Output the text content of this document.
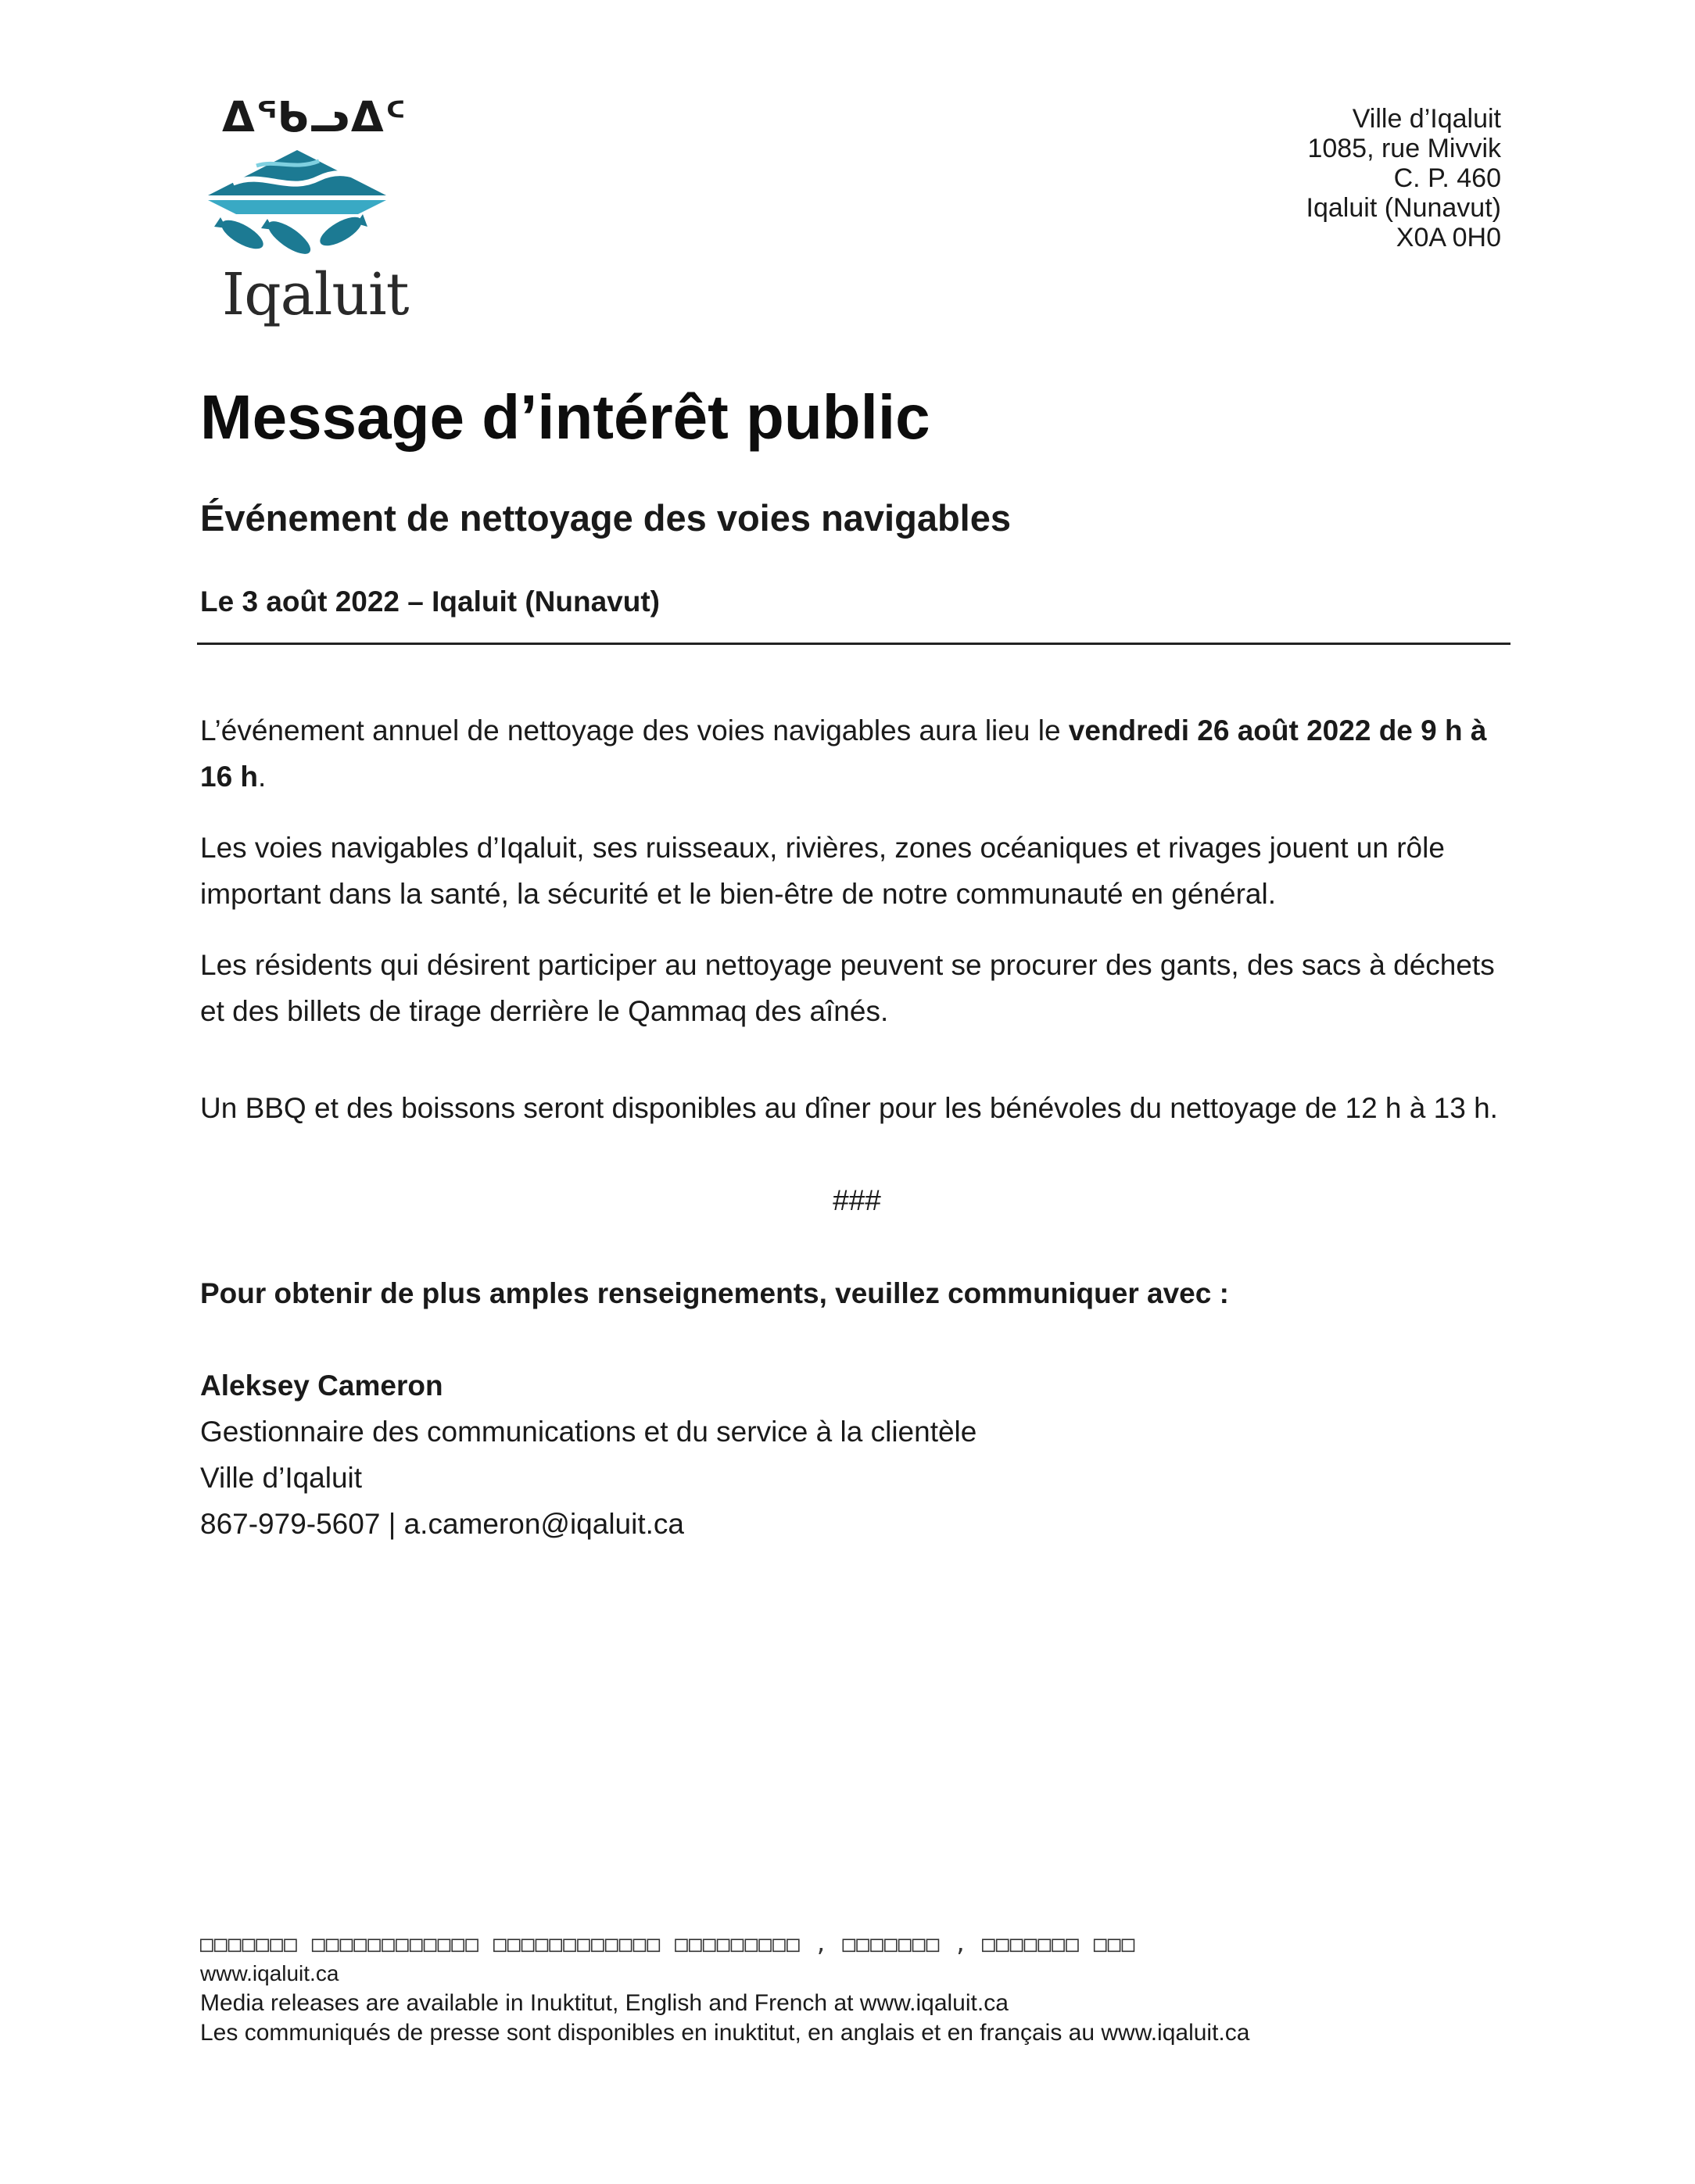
ᐃᖃᓗᐃᑦ
Iqaluit
Ville d’Iqaluit
1085, rue Mivvik
C. P. 460
Iqaluit (Nunavut)
X0A 0H0
Message d’intérêt public
Événement de nettoyage des voies navigables
Le 3 août 2022 – Iqaluit (Nunavut)

L’événement annuel de nettoyage des voies navigables aura lieu le vendredi 26 août 2022 de 9 h à 16 h.

Les voies navigables d’Iqaluit, ses ruisseaux, rivières, zones océaniques et rivages jouent un rôle important dans la santé, la sécurité et le bien-être de notre communauté en général.

Les résidents qui désirent participer au nettoyage peuvent se procurer des gants, des sacs à déchets et des billets de tirage derrière le Qammaq des aînés.

Un BBQ et des boissons seront disponibles au dîner pour les bénévoles du nettoyage de 12 h à 13 h.

###

Pour obtenir de plus amples renseignements, veuillez communiquer avec :

Aleksey Cameron

Gestionnaire des communications et du service à la clientèle

Ville d’Iqaluit

867-979-5607 | a.cameron@iqaluit.ca

□□□□□□□ □□□□□□□□□□□□ □□□□□□□□□□□□ □□□□□□□□□ , □□□□□□□ , □□□□□□□ □□□
www.iqaluit.ca
Media releases are available in Inuktitut, English and French at www.iqaluit.ca
Les communiqués de presse sont disponibles en inuktitut, en anglais et en français au www.iqaluit.ca
